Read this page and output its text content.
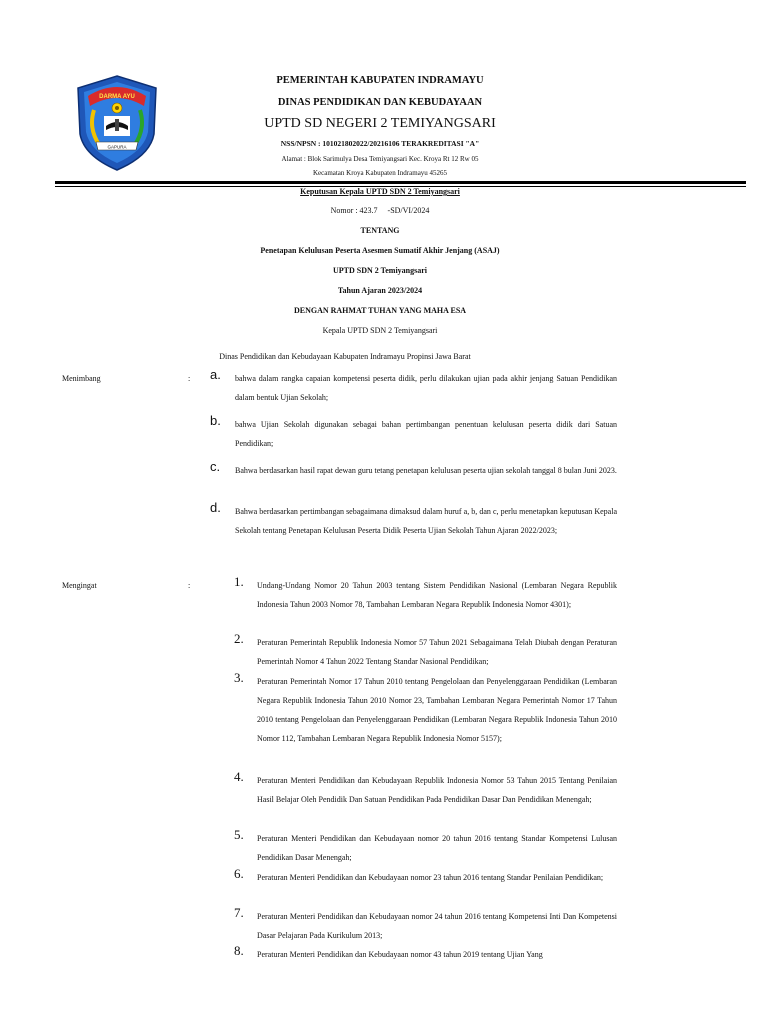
DARMA AYU
GAPURA
PEMERINTAH KABUPATEN INDRAMAYU
DINAS PENDIDIKAN DAN KEBUDAYAAN
UPTD SD NEGERI 2 TEMIYANGSARI
NSS/NPSN : 101021802022/20216106 TERAKREDITASI "A"
Alamat : Blok Sarimulya Desa Temiyangsari Kec. Kroya Rt 12 Rw 05
Kecamatan Kroya Kabupaten Indramayu 45265
Keputusan Kepala UPTD SDN 2 Temiyangsari
Nomor : 423.7     -SD/VI/2024
TENTANG
Penetapan Kelulusan Peserta Asesmen Sumatif Akhir Jenjang (ASAJ)
UPTD SDN 2 Temiyangsari
Tahun Ajaran 2023/2024
DENGAN RAHMAT TUHAN YANG MAHA ESA
Kepala UPTD SDN 2 Temiyangsari
Dinas Pendidikan dan Kebudayaan Kabupaten Indramayu Propinsi Jawa Barat
Menimbang	: a. bahwa dalam rangka capaian kompetensi peserta didik, perlu dilakukan ujian pada akhir jenjang Satuan Pendidikan dalam bentuk Ujian Sekolah;
b. bahwa Ujian Sekolah digunakan sebagai bahan pertimbangan penentuan kelulusan peserta didik dari Satuan Pendidikan;
c. Bahwa berdasarkan hasil rapat dewan guru tetang penetapan kelulusan peserta ujian sekolah tanggal 8 bulan Juni 2023.
d. Bahwa berdasarkan pertimbangan sebagaimana dimaksud dalam huruf a, b, dan c, perlu menetapkan keputusan Kepala Sekolah tentang Penetapan Kelulusan Peserta Didik Peserta Ujian Sekolah Tahun Ajaran 2022/2023;
Mengingat	:	1. Undang-Undang Nomor 20 Tahun 2003 tentang Sistem Pendidikan Nasional (Lembaran Negara Republik Indonesia Tahun 2003 Nomor 78, Tambahan Lembaran Negara Republik Indonesia Nomor 4301);
2. Peraturan Pemerintah Republik Indonesia Nomor 57 Tahun 2021 Sebagaimana Telah Diubah dengan Peraturan Pemerintah Nomor 4 Tahun 2022 Tentang Standar Nasional Pendidikan;
3. Peraturan Pemerintah Nomor 17 Tahun 2010 tentang Pengelolaan dan Penyelenggaraan Pendidikan (Lembaran Negara Republik Indonesia Tahun 2010 Nomor 23, Tambahan Lembaran Negara Pemerintah Nomor 17 Tahun 2010 tentang Pengelolaan dan Penyelenggaraan Pendidikan (Lembaran Negara Republik Indonesia Tahun 2010 Nomor 112, Tambahan Lembaran Negara Republik Indonesia Nomor 5157);
4. Peraturan Menteri Pendidikan dan Kebudayaan Republik Indonesia Nomor 53 Tahun 2015 Tentang Penilaian Hasil Belajar Oleh Pendidik Dan Satuan Pendidikan Pada Pendidikan Dasar Dan Pendidikan Menengah;
5. Peraturan Menteri Pendidikan dan Kebudayaan nomor 20 tahun 2016 tentang Standar Kompetensi Lulusan Pendidikan Dasar Menengah;
6. Peraturan Menteri Pendidikan dan Kebudayaan nomor 23 tahun 2016 tentang Standar Penilaian Pendidikan;
7. Peraturan Menteri Pendidikan dan Kebudayaan nomor 24 tahun 2016 tentang Kompetensi Inti Dan Kompetensi Dasar Pelajaran Pada Kurikulum 2013;
8. Peraturan Menteri Pendidikan dan Kebudayaan nomor 43 tahun 2019 tentang Ujian Yang
